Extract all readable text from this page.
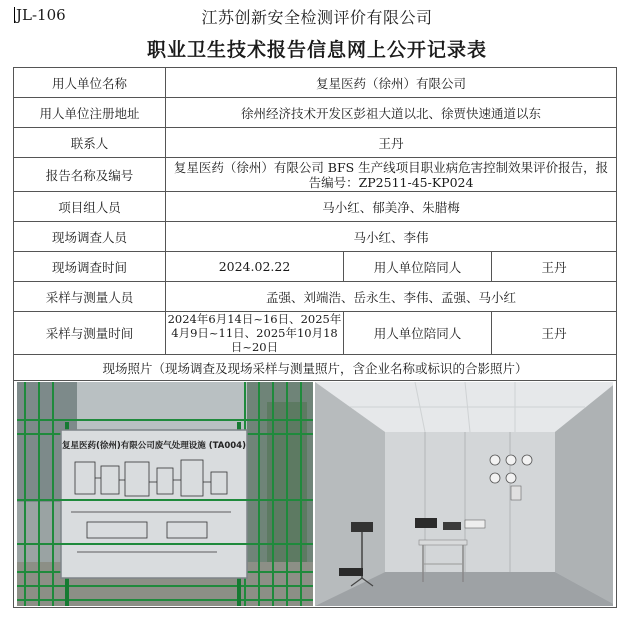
JL-106	江苏创新安全检测评价有限公司
职业卫生技术报告信息网上公开记录表
用人单位名称	复星医药（徐州）有限公司		
用人单位注册地址	徐州经济技术开发区彭祖大道以北、徐贾快速通道以东		
联系人	王丹		
报告名称及编号	复星医药（徐州）有限公司 BFS 生产线项目职业病危害控制效果评价报告，报告编号：ZP2511-45-KP024		
项目组人员	马小红、郁美净、朱腊梅		
现场调查人员	马小红、李伟		
现场调查时间	2024.02.22	用人单位陪同人	王丹
采样与测量人员	孟强、刘端浩、岳永生、李伟、孟强、马小红		
采样与测量时间	2024年6月14日~16日、2025年4月9日~11日、2025年10月18日~20日	用人单位陪同人	王丹
现场照片（现场调查及现场采样与测量照片，含企业名称或标识的合影照片）			

复星医药(徐州)有限公司废气处理设施 (TA004)			
